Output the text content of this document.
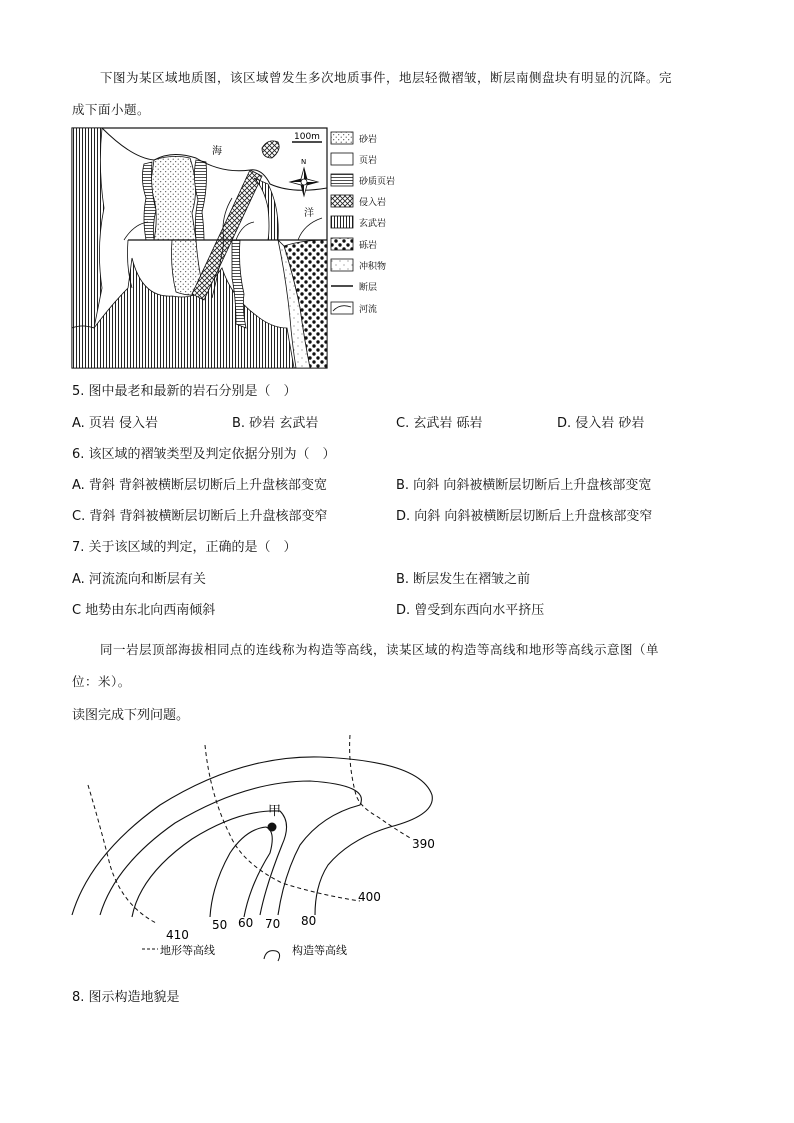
下图为某区域地质图，该区域曾发生多次地质事件，地层轻微褶皱，断层南侧盘块有明显的沉降。完
成下面小题。
100m
海
洋
N
砂岩
页岩
砂质页岩
侵入岩
玄武岩
砾岩
冲积物
断层
河流
5. 图中最老和最新的岩石分别是（　）
A. 页岩 侵入岩	B. 砂岩 玄武岩	C. 玄武岩 砾岩	D. 侵入岩 砂岩
6. 该区域的褶皱类型及判定依据分别为（　）
A. 背斜 背斜被横断层切断后上升盘核部变宽	B. 向斜 向斜被横断层切断后上升盘核部变宽
C. 背斜 背斜被横断层切断后上升盘核部变窄	D. 向斜 向斜被横断层切断后上升盘核部变窄
7. 关于该区域的判定，正确的是（　）
A. 河流流向和断层有关	B. 断层发生在褶皱之前
C 地势由东北向西南倾斜	D. 曾受到东西向水平挤压
同一岩层顶部海拔相同点的连线称为构造等高线，读某区域的构造等高线和地形等高线示意图（单
位：米）。
读图完成下列问题。
甲
390
400
410
50 60 70 80
地形等高线	构造等高线
8. 图示构造地貌是
